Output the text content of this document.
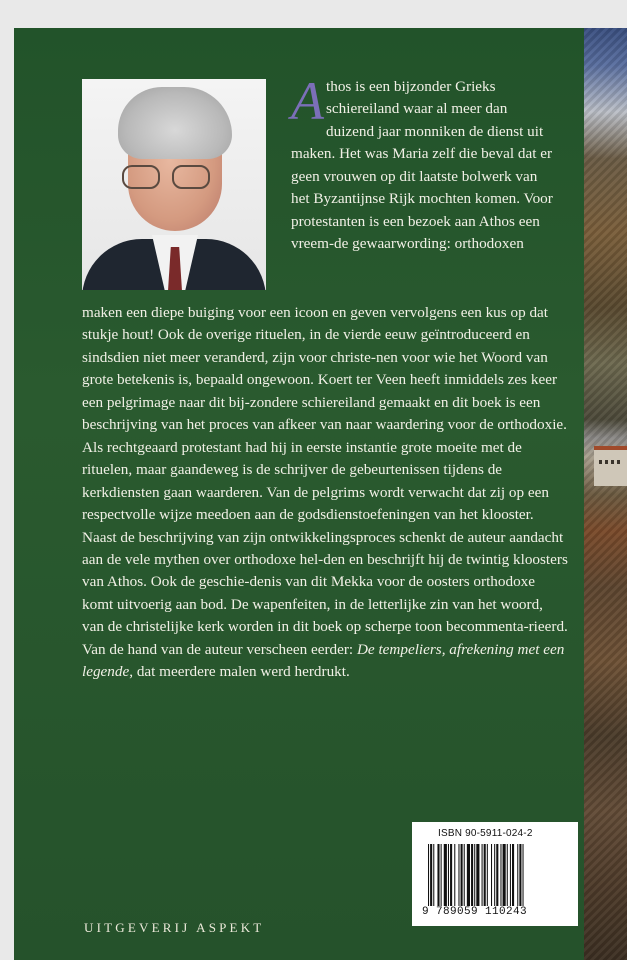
Athos is een bijzonder Grieks schiereiland waar al meer dan duizend jaar monniken de dienst uit maken. Het was Maria zelf die beval dat er geen vrouwen op dit laatste bolwerk van het Byzantijnse Rijk mochten komen. Voor protestanten is een bezoek aan Athos een vreem-de gewaarwording: orthodoxen

maken een diepe buiging voor een icoon en geven vervolgens een kus op dat stukje hout! Ook de overige rituelen, in de vierde eeuw geïntroduceerd en sindsdien niet meer veranderd, zijn voor christe-nen voor wie het Woord van grote betekenis is, bepaald ongewoon. Koert ter Veen heeft inmiddels zes keer een pelgrimage naar dit bij-zondere schiereiland gemaakt en dit boek is een beschrijving van het proces van afkeer van naar waardering voor de orthodoxie. Als rechtgeaard protestant had hij in eerste instantie grote moeite met de rituelen, maar gaandeweg is de schrijver de gebeurtenissen tijdens de kerkdiensten gaan waarderen. Van de pelgrims wordt verwacht dat zij op een respectvolle wijze meedoen aan de godsdienstoefeningen van het klooster. Naast de beschrijving van zijn ontwikkelingsproces schenkt de auteur aandacht aan de vele mythen over orthodoxe hel-den en beschrijft hij de twintig kloosters van Athos. Ook de geschie-denis van dit Mekka voor de oosters orthodoxe komt uitvoerig aan bod. De wapenfeiten, in de letterlijke zin van het woord, van de christelijke kerk worden in dit boek op scherpe toon becommenta-rieerd. Van de hand van de auteur verscheen eerder: De tempeliers, afrekening met een legende, dat meerdere malen werd herdrukt.

ISBN 90-5911-024-2
9 789059 110243
UITGEVERIJ ASPEKT
